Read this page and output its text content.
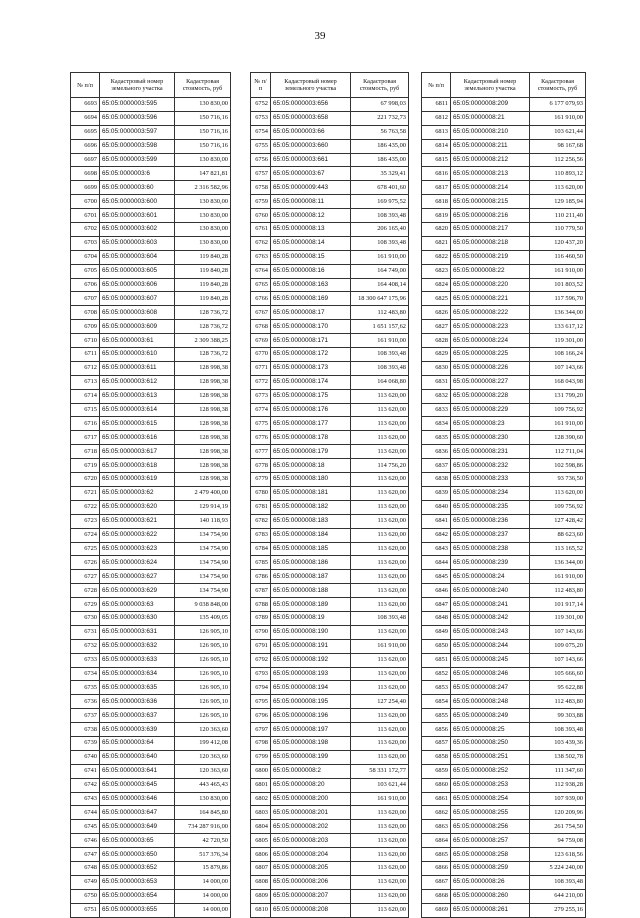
39
№ п/п	Кадастровый номер земельного участка	Кадастровая стоимость, руб
6693	65:05:0000003:595	130 830,00
6694	65:05:0000003:596	150 716,16
6695	65:05:0000003:597	150 716,16
6696	65:05:0000003:598	150 716,16
6697	65:05:0000003:599	130 830,00
6698	65:05:0000003:6	147 821,81
6699	65:05:0000003:60	2 316 582,96
6700	65:05:0000003:600	130 830,00
6701	65:05:0000003:601	130 830,00
6702	65:05:0000003:602	130 830,00
6703	65:05:0000003:603	130 830,00
6704	65:05:0000003:604	119 840,28
6705	65:05:0000003:605	119 840,28
6706	65:05:0000003:606	119 840,28
6707	65:05:0000003:607	119 840,28
6708	65:05:0000003:608	128 736,72
6709	65:05:0000003:609	128 736,72
6710	65:05:0000003:61	2 309 388,25
6711	65:05:0000003:610	128 736,72
6712	65:05:0000003:611	128 998,38
6713	65:05:0000003:612	128 998,38
6714	65:05:0000003:613	128 998,38
6715	65:05:0000003:614	128 998,38
6716	65:05:0000003:615	128 998,38
6717	65:05:0000003:616	128 998,38
6718	65:05:0000003:617	128 998,38
6719	65:05:0000003:618	128 998,38
6720	65:05:0000003:619	128 998,38
6721	65:05:0000003:62	2 479 400,00
6722	65:05:0000003:620	129 914,19
6723	65:05:0000003:621	140 118,93
6724	65:05:0000003:622	134 754,90
6725	65:05:0000003:623	134 754,90
6726	65:05:0000003:624	134 754,90
6727	65:05:0000003:627	134 754,90
6728	65:05:0000003:629	134 754,90
6729	65:05:0000003:63	9 038 848,00
6730	65:05:0000003:630	135 409,05
6731	65:05:0000003:631	126 905,10
6732	65:05:0000003:632	126 905,10
6733	65:05:0000003:633	126 905,10
6734	65:05:0000003:634	126 905,10
6735	65:05:0000003:635	126 905,10
6736	65:05:0000003:636	126 905,10
6737	65:05:0000003:637	126 905,10
6738	65:05:0000003:639	120 363,60
6739	65:05:0000003:64	199 412,08
6740	65:05:0000003:640	120 363,60
6741	65:05:0000003:641	120 363,60
6742	65:05:0000003:645	443 465,43
6743	65:05:0000003:646	130 830,00
6744	65:05:0000003:647	164 845,80
6745	65:05:0000003:649	734 287 916,00
6746	65:05:0000003:65	42 720,50
6747	65:05:0000003:650	517 376,34
6748	65:05:0000003:652	15 879,86
6749	65:05:0000003:653	14 000,00
6750	65:05:0000003:654	14 000,00
6751	65:05:0000003:655	14 000,00
№ п/п	Кадастровый номер земельного участка	Кадастровая стоимость, руб
6752	65:05:0000003:656	67 998,03
6753	65:05:0000003:658	221 732,73
6754	65:05:0000003:66	56 763,58
6755	65:05:0000003:660	186 435,00
6756	65:05:0000003:661	186 435,00
6757	65:05:0000003:67	35 329,41
6758	65:05:0000009:443	678 401,60
6759	65:05:0000008:11	169 975,52
6760	65:05:0000008:12	108 393,48
6761	65:05:0000008:13	206 165,40
6762	65:05:0000008:14	108 393,48
6763	65:05:0000008:15	161 910,00
6764	65:05:0000008:16	164 749,00
6765	65:05:0000008:163	164 408,14
6766	65:05:0000008:169	18 300 647 175,96
6767	65:05:0000008:17	112 483,80
6768	65:05:0000008:170	1 651 157,62
6769	65:05:0000008:171	161 910,00
6770	65:05:0000008:172	108 393,48
6771	65:05:0000008:173	108 393,48
6772	65:05:0000008:174	164 068,80
6773	65:05:0000008:175	113 620,00
6774	65:05:0000008:176	113 620,00
6775	65:05:0000008:177	113 620,00
6776	65:05:0000008:178	113 620,00
6777	65:05:0000008:179	113 620,00
6778	65:05:0000008:18	114 756,20
6779	65:05:0000008:180	113 620,00
6780	65:05:0000008:181	113 620,00
6781	65:05:0000008:182	113 620,00
6782	65:05:0000008:183	113 620,00
6783	65:05:0000008:184	113 620,00
6784	65:05:0000008:185	113 620,00
6785	65:05:0000008:186	113 620,00
6786	65:05:0000008:187	113 620,00
6787	65:05:0000008:188	113 620,00
6788	65:05:0000008:189	113 620,00
6789	65:05:0000008:19	108 393,48
6790	65:05:0000008:190	113 620,00
6791	65:05:0000008:191	161 910,00
6792	65:05:0000008:192	113 620,00
6793	65:05:0000008:193	113 620,00
6794	65:05:0000008:194	113 620,00
6795	65:05:0000008:195	127 254,40
6796	65:05:0000008:196	113 620,00
6797	65:05:0000008:197	113 620,00
6798	65:05:0000008:198	113 620,00
6799	65:05:0000008:199	113 620,00
6800	65:05:0000008:2	58 331 172,77
6801	65:05:0000008:20	103 621,44
6802	65:05:0000008:200	161 910,00
6803	65:05:0000008:201	113 620,00
6804	65:05:0000008:202	113 620,00
6805	65:05:0000008:203	113 620,00
6806	65:05:0000008:204	113 620,00
6807	65:05:0000008:205	113 620,00
6808	65:05:0000008:206	113 620,00
6809	65:05:0000008:207	113 620,00
6810	65:05:0000008:208	113 620,00
№ п/п	Кадастровый номер земельного участка	Кадастровая стоимость, руб
6811	65:05:0000008:209	6 177 079,93
6812	65:05:0000008:21	161 910,00
6813	65:05:0000008:210	103 621,44
6814	65:05:0000008:211	98 167,68
6815	65:05:0000008:212	112 256,56
6816	65:05:0000008:213	110 893,12
6817	65:05:0000008:214	113 620,00
6818	65:05:0000008:215	129 185,94
6819	65:05:0000008:216	110 211,40
6820	65:05:0000008:217	110 779,50
6821	65:05:0000008:218	120 437,20
6822	65:05:0000008:219	116 460,50
6823	65:05:0000008:22	161 910,00
6824	65:05:0000008:220	101 803,52
6825	65:05:0000008:221	117 596,70
6826	65:05:0000008:222	136 344,00
6827	65:05:0000008:223	133 617,12
6828	65:05:0000008:224	119 301,00
6829	65:05:0000008:225	108 166,24
6830	65:05:0000008:226	107 143,66
6831	65:05:0000008:227	168 043,98
6832	65:05:0000008:228	131 799,20
6833	65:05:0000008:229	109 756,92
6834	65:05:0000008:23	161 910,00
6835	65:05:0000008:230	128 390,60
6836	65:05:0000008:231	112 711,04
6837	65:05:0000008:232	102 598,86
6838	65:05:0000008:233	93 736,50
6839	65:05:0000008:234	113 620,00
6840	65:05:0000008:235	109 756,92
6841	65:05:0000008:236	127 428,42
6842	65:05:0000008:237	88 623,60
6843	65:05:0000008:238	113 165,52
6844	65:05:0000008:239	136 344,00
6845	65:05:0000008:24	161 910,00
6846	65:05:0000008:240	112 483,80
6847	65:05:0000008:241	101 917,14
6848	65:05:0000008:242	119 301,00
6849	65:05:0000008:243	107 143,66
6850	65:05:0000008:244	109 075,20
6851	65:05:0000008:245	107 143,66
6852	65:05:0000008:246	105 666,60
6853	65:05:0000008:247	95 622,88
6854	65:05:0000008:248	112 483,80
6855	65:05:0000008:249	99 303,88
6856	65:05:0000008:25	108 393,48
6857	65:05:0000008:250	103 439,36
6858	65:05:0000008:251	138 502,78
6859	65:05:0000008:252	111 347,60
6860	65:05:0000008:253	112 938,28
6861	65:05:0000008:254	107 939,00
6862	65:05:0000008:255	120 209,96
6863	65:05:0000008:256	261 754,50
6864	65:05:0000008:257	94 759,08
6865	65:05:0000008:258	123 618,56
6866	65:05:0000008:259	5 224 240,00
6867	65:05:0000008:26	108 393,48
6868	65:05:0000008:260	644 210,00
6869	65:05:0000008:261	279 255,16
